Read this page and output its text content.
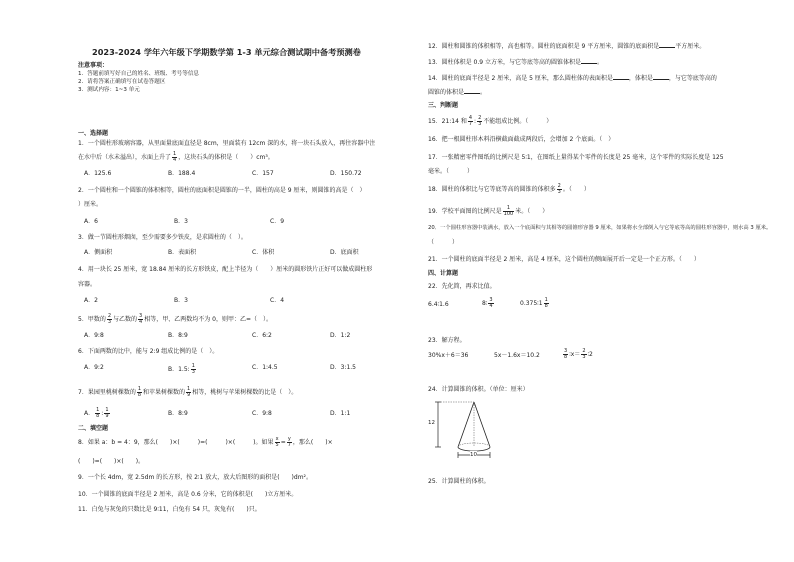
2023-2024 学年六年级下学期数学第 1-3 单元综合测试期中备考预测卷
注意事项：
1．答题前填写好自己的姓名、班级、考号等信息
2．请将答案正确填写在试卷答题区
3．测试内容：1~3 单元
一、选择题
1．一个圆柱形玻璃容器，从里面量底面直径是 8cm，里面装有 12cm 深的水，将一块石头放入，再往容器中注
在水中后（水未溢出），水面上升了 $\frac{1}{4}$ ，这块石头的体积是（　　）cm³。
A．125.6	B．188.4	C．157	D．150.72
2．一个圆柱和一个圆锥的体积相等，圆柱的底面积是圆锥的一半，圆柱的高是 9 厘米，则圆锥的高是（　）
）厘米。
A．6	B．3	C．9
3．做一节圆柱形烟囱，至少需要多少铁皮，是求圆柱的（　）。
A．侧面积	B．表面积	C．体积	D．底面积
4．用一块长 25 厘米，宽 18.84 厘米的长方形铁皮，配上半径为（　　）厘米的圆形铁片正好可以做成圆柱形
容器。
A．2	B．3	C．4
5．甲数的 $\frac{2}{3}$ 与乙数的 $\frac{3}{4}$ 相等，甲、乙两数均不为 0，则甲：乙=（　）。
A．9:8	B．8:9	C．6:2	D．1:2
6．下面两数的比中，能与 2:9 组成比例的是（　）。
A．9:2	B．1.5: $\frac{1}{3}$	C．1:4.5	D．3:1.5
7．果园里桃树棵数的 $\frac{1}{8}$ 和苹果树棵数的 $\frac{1}{9}$ 相等，桃树与苹果树棵数的比是（　）。
A． $\frac{1}{8}$ : $\frac{1}{9}$	B．8:9	C．9:8	D．1:1
二、填空题
8．如果 a：b = 4：9，那么(　　)×(　　　)=(　　　)×(　　　)。如果 $\frac{x}{5} = \frac{y}{7}$ ，那么(　　)×
(　　)=(　　)×(　　)。
9．一个长 4dm，宽 2.5dm 的长方形，按 2∶1 放大，放大后图形的面积是(　　)dm²。
10．一个圆锥的底面半径是 2 厘米，高是 0.6 分米，它的体积是(　　)立方厘米。
11．白兔与灰兔的只数比是 9∶11，白兔有 54 只，灰兔有(　　)只。
12．圆柱和圆锥的体积相等，高也相等。圆柱的底面积是 9 平方厘米，圆锥的底面积是	平方厘米。
13．圆柱体积是 0.9 立方米，与它等底等高的圆锥体积是	。
14．圆柱的底面半径是 2 厘米，高是 5 厘米，那么圆柱体的表面积是	，体积是	，与它等底等高的
圆锥的体积是	。
三、判断题
15．21:14 和 $\frac{4}{7}$ : $\frac{2}{3}$ 不能组成比例。（　　　）
16．把一根圆柱形木料沿横截面截成两段后，会增加 2 个底面。（　）
17．一张精密零件图纸的比例尺是 5∶1，在图纸上量得某个零件的长度是 25 毫米，这个零件的实际长度是 125
毫米。（　　　）
18．圆柱的体积比与它等底等高的圆锥的体积多 $\frac{2}{3}$ 。（　　）
19．学校平面图的比例尺是 $\frac{1}{100}$ 米。（　　）
20．一个圆柱形容器中装满水，放入一个底面积与其相等的圆锥形容器 9 厘米，如果将水全部倒入与它等底等高的圆柱形容器中，则水高 3 厘米。
（　　　）
21．一个圆柱的底面半径是 2 厘米，高是 4 厘米，这个圆柱的侧面展开后一定是一个正方形。（　　）
四、计算题
22．先化简，再求比值。
6.4∶1.6	8∶ $\frac{3}{4}$	0.375∶1 $\frac{1}{8}$
23．解方程。
30%x＋6＝36	5x－1.6x＝10.2	$\frac{3}{8}$ ∶x＝ $\frac{2}{3}$ ∶2
24．计算圆锥的体积。（单位：厘米）
12
10
25．计算圆柱的体积。
